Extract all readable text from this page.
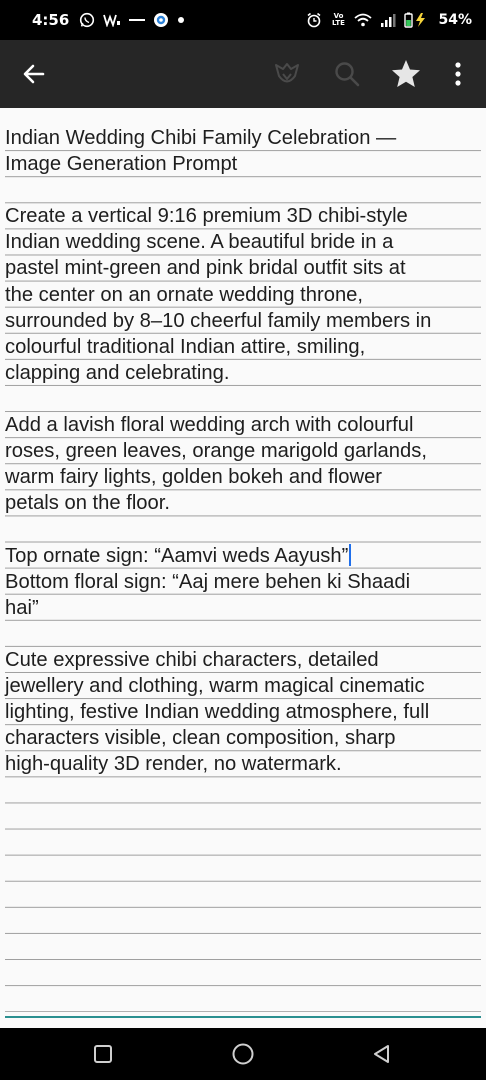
4:56	Vo LTE	54%
Indian Wedding Chibi Family Celebration —
Image Generation Prompt
Create a vertical 9:16 premium 3D chibi-style
Indian wedding scene. A beautiful bride in a
pastel mint-green and pink bridal outfit sits at
the center on an ornate wedding throne,
surrounded by 8–10 cheerful family members in
colourful traditional Indian attire, smiling,
clapping and celebrating.
Add a lavish floral wedding arch with colourful
roses, green leaves, orange marigold garlands,
warm fairy lights, golden bokeh and flower
petals on the floor.
Top ornate sign: “Aamvi weds Aayush”
Bottom floral sign: “Aaj mere behen ki Shaadi
hai”
Cute expressive chibi characters, detailed
jewellery and clothing, warm magical cinematic
lighting, festive Indian wedding atmosphere, full
characters visible, clean composition, sharp
high-quality 3D render, no watermark.
